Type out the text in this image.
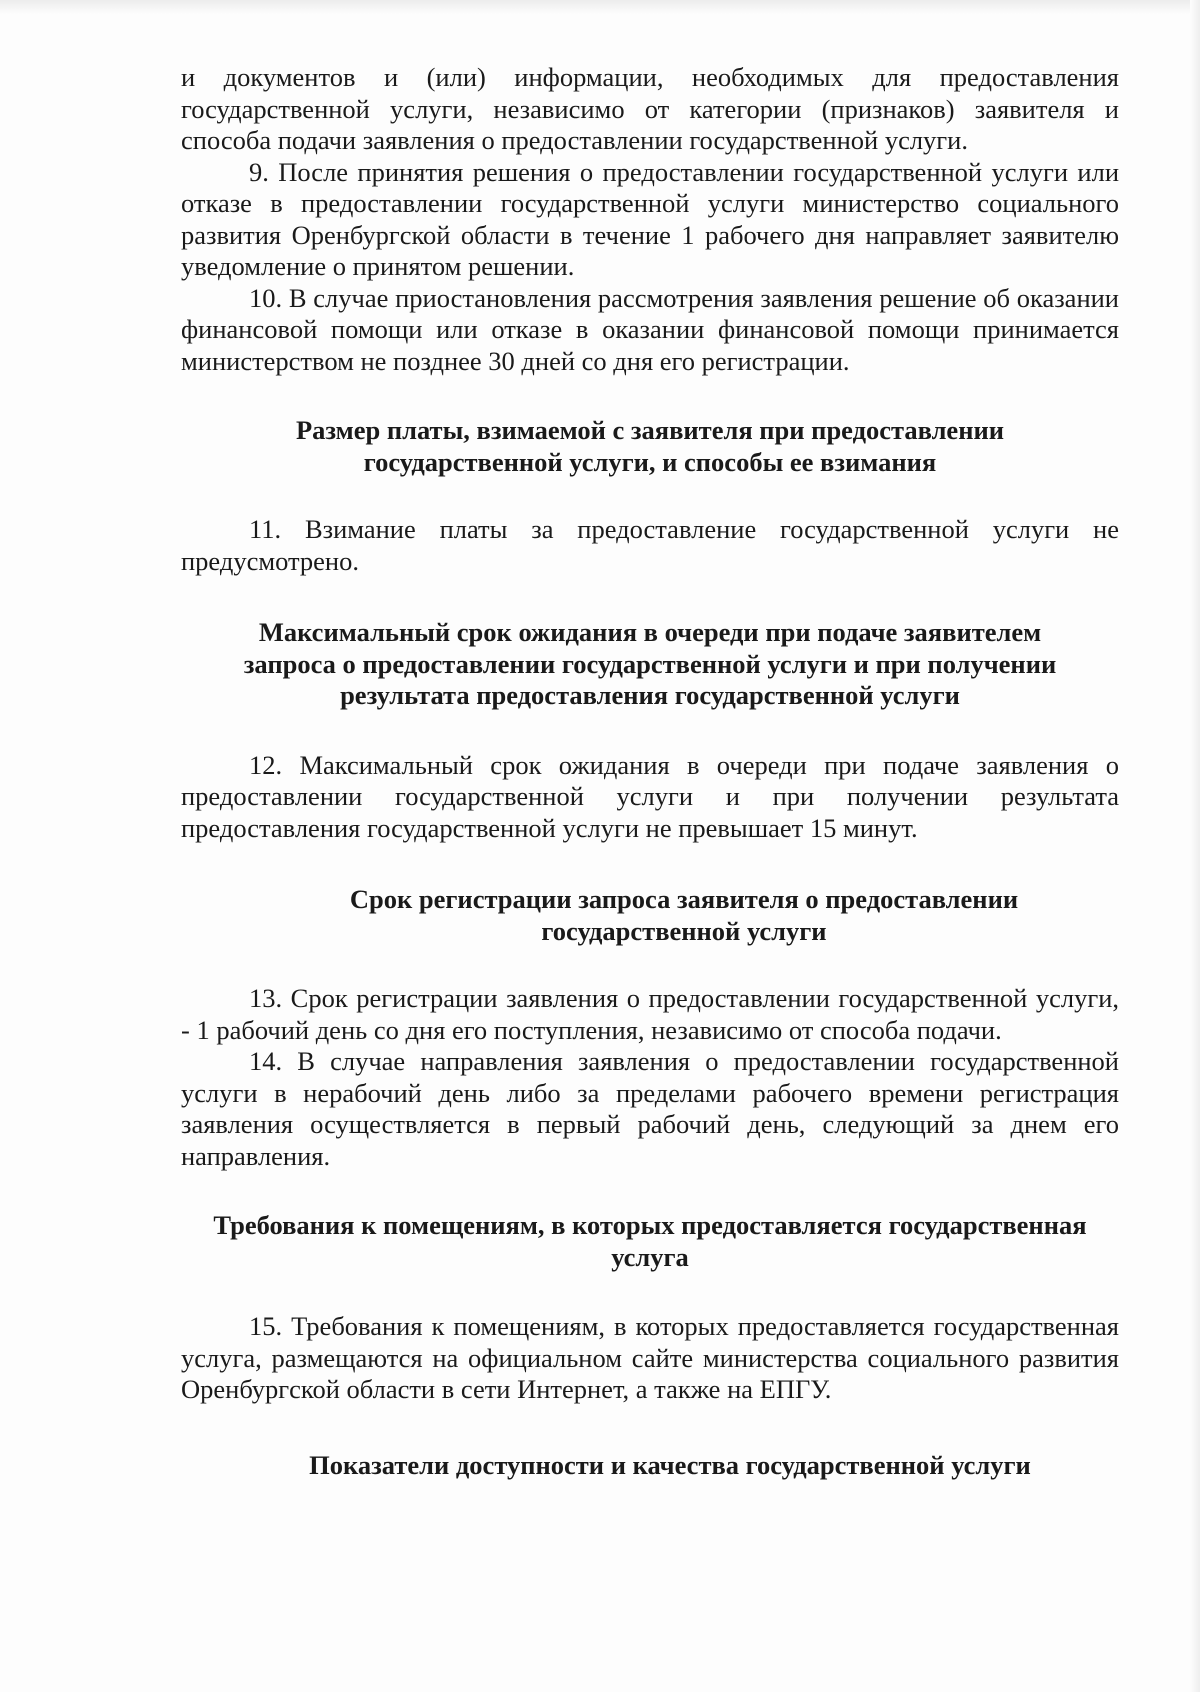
и документов и (или) информации, необходимых для предоставления государственной услуги, независимо от категории (признаков) заявителя и способа подачи заявления о предоставлении государственной услуги.

9. После принятия решения о предоставлении государственной услуги или отказе в предоставлении государственной услуги министерство социального развития Оренбургской области в течение 1 рабочего дня направляет заявителю уведомление о принятом решении.

10. В случае приостановления рассмотрения заявления решение об оказании финансовой помощи или отказе в оказании финансовой помощи принимается министерством не позднее 30 дней со дня его регистрации.

Размер платы, взимаемой с заявителя при предоставлении
государственной услуги, и способы ее взимания

11. Взимание платы за предоставление государственной услуги не предусмотрено.

Максимальный срок ожидания в очереди при подаче заявителем
запроса о предоставлении государственной услуги и при получении
результата предоставления государственной услуги

12. Максимальный срок ожидания в очереди при подаче заявления о предоставлении государственной услуги и при получении результата предоставления государственной услуги не превышает 15 минут.

Срок регистрации запроса заявителя о предоставлении
государственной услуги

13. Срок регистрации заявления о предоставлении государственной услуги, - 1 рабочий день со дня его поступления, независимо от способа подачи.

14. В случае направления заявления о предоставлении государственной услуги в нерабочий день либо за пределами рабочего времени регистрация заявления осуществляется в первый рабочий день, следующий за днем его направления.

Требования к помещениям, в которых предоставляется государственная
услуга

15. Требования к помещениям, в которых предоставляется государственная услуга, размещаются на официальном сайте министерства социального развития Оренбургской области в сети Интернет, а также на ЕПГУ.

Показатели доступности и качества государственной услуги
